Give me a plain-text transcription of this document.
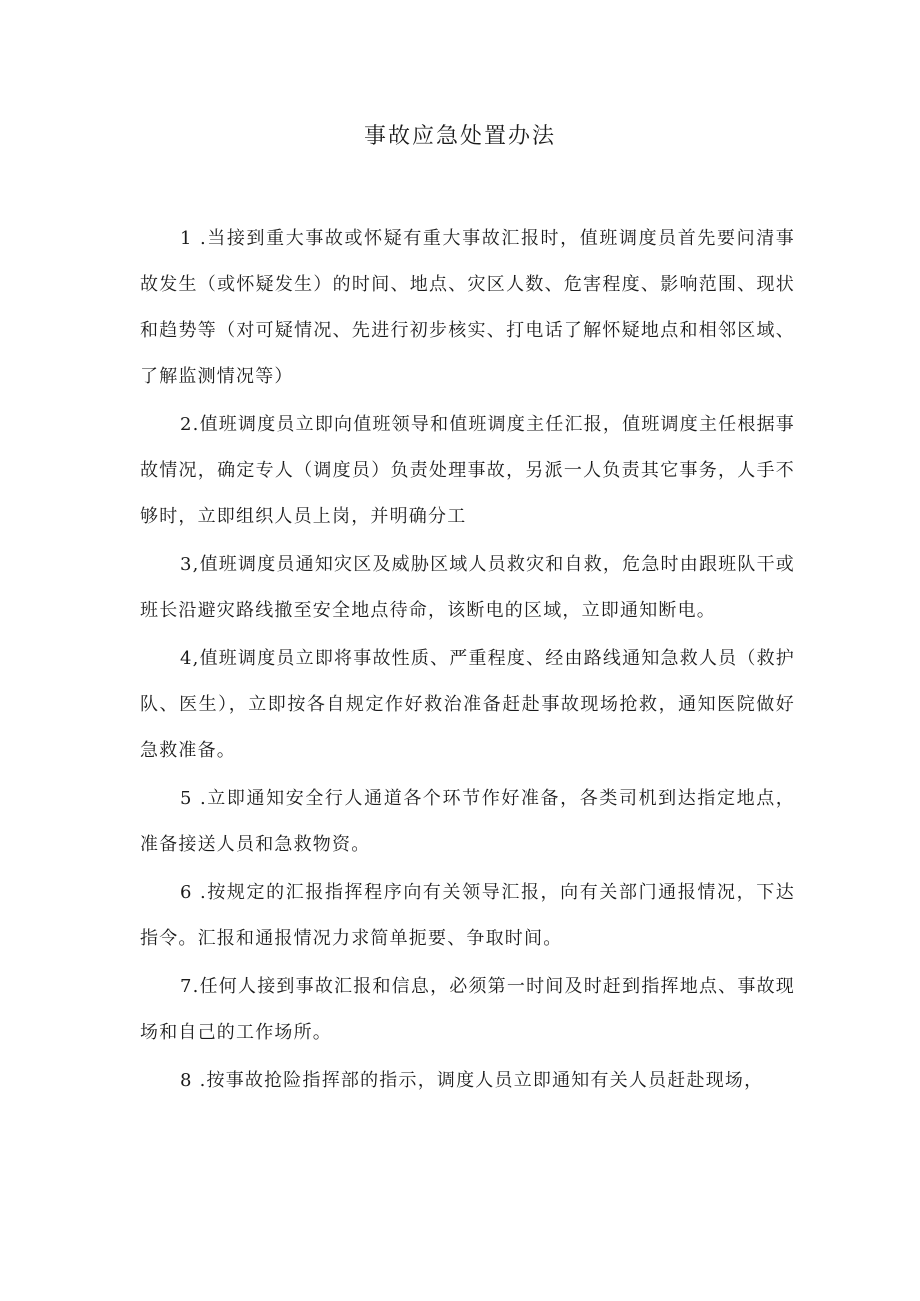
事故应急处置办法

1 .当接到重大事故或怀疑有重大事故汇报时，值班调度员首先要问清事故发生（或怀疑发生）的时间、地点、灾区人数、危害程度、影响范围、现状和趋势等（对可疑情况、先进行初步核实、打电话了解怀疑地点和相邻区域、了解监测情况等）

2.值班调度员立即向值班领导和值班调度主任汇报，值班调度主任根据事故情况，确定专人（调度员）负责处理事故，另派一人负责其它事务，人手不够时，立即组织人员上岗，并明确分工

3,值班调度员通知灾区及威胁区域人员救灾和自救，危急时由跟班队干或班长沿避灾路线撤至安全地点待命，该断电的区域，立即通知断电。

4,值班调度员立即将事故性质、严重程度、经由路线通知急救人员（救护队、医生），立即按各自规定作好救治准备赶赴事故现场抢救，通知医院做好急救准备。

5 .立即通知安全行人通道各个环节作好准备，各类司机到达指定地点，准备接送人员和急救物资。

6 .按规定的汇报指挥程序向有关领导汇报，向有关部门通报情况，下达指令。汇报和通报情况力求简单扼要、争取时间。

7.任何人接到事故汇报和信息，必须第一时间及时赶到指挥地点、事故现场和自己的工作场所。

8 .按事故抢险指挥部的指示，调度人员立即通知有关人员赶赴现场，
